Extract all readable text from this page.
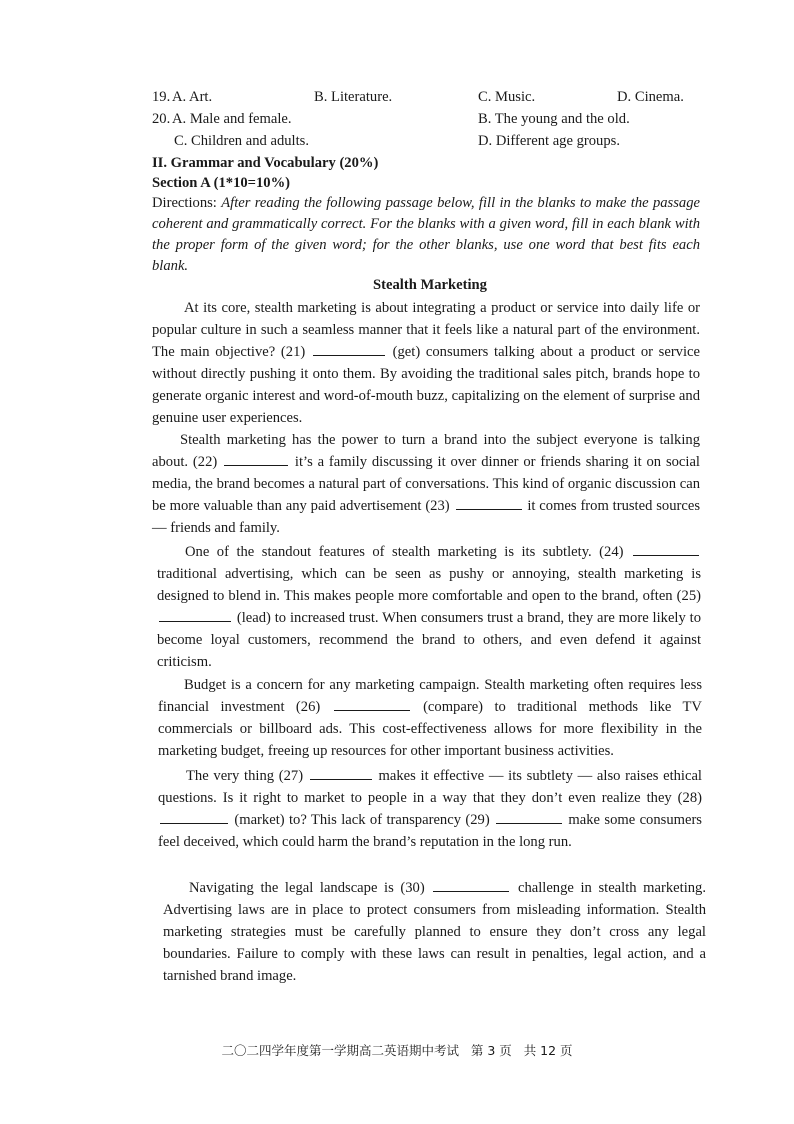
19. A. Art.	B. Literature.	C. Music.	D. Cinema.
20. A. Male and female.	B. The young and the old.
C. Children and adults.	D. Different age groups.
II. Grammar and Vocabulary (20%)
Section A (1*10=10%)
Directions: After reading the following passage below, fill in the blanks to make the passage coherent and grammatically correct. For the blanks with a given word, fill in each blank with the proper form of the given word; for the other blanks, use one word that best fits each blank.
Stealth Marketing
At its core, stealth marketing is about integrating a product or service into daily life or popular culture in such a seamless manner that it feels like a natural part of the environment. The main objective? (21)	(get) consumers talking about a product or service without directly pushing it onto them. By avoiding the traditional sales pitch, brands hope to generate organic interest and word-of-mouth buzz, capitalizing on the element of surprise and genuine user experiences.
Stealth marketing has the power to turn a brand into the subject everyone is talking about. (22)	it’s a family discussing it over dinner or friends sharing it on social media, the brand becomes a natural part of conversations. This kind of organic discussion can be more valuable than any paid advertisement (23)	it comes from trusted sources— friends and family.
One of the standout features of stealth marketing is its subtlety. (24)  traditional advertising, which can be seen as pushy or annoying, stealth marketing is designed to blend in. This makes people more comfortable and open to the brand, often (25)  (lead) to increased trust. When consumers trust a brand, they are more likely to become loyal customers, recommend the brand to others, and even defend it against criticism.
Budget is a concern for any marketing campaign. Stealth marketing often requires less financial investment (26)	(compare) to traditional methods like TV commercials or billboard ads. This cost-effectiveness allows for more flexibility in the marketing budget, freeing up resources for other important business activities.
The very thing (27)	makes it effective — its subtlety — also raises ethical questions. Is it right to market to people in a way that they don’t even realize they (28)  (market) to? This lack of transparency (29)	make some consumers feel deceived, which could harm the brand’s reputation in the long run.
Navigating the legal landscape is (30)	challenge in stealth marketing. Advertising laws are in place to protect consumers from misleading information. Stealth marketing strategies must be carefully planned to ensure they don’t cross any legal boundaries. Failure to comply with these laws can result in penalties, legal action, and a tarnished brand image.
二〇二四学年度第一学期高二英语期中考试 第 3 页 共 12 页
